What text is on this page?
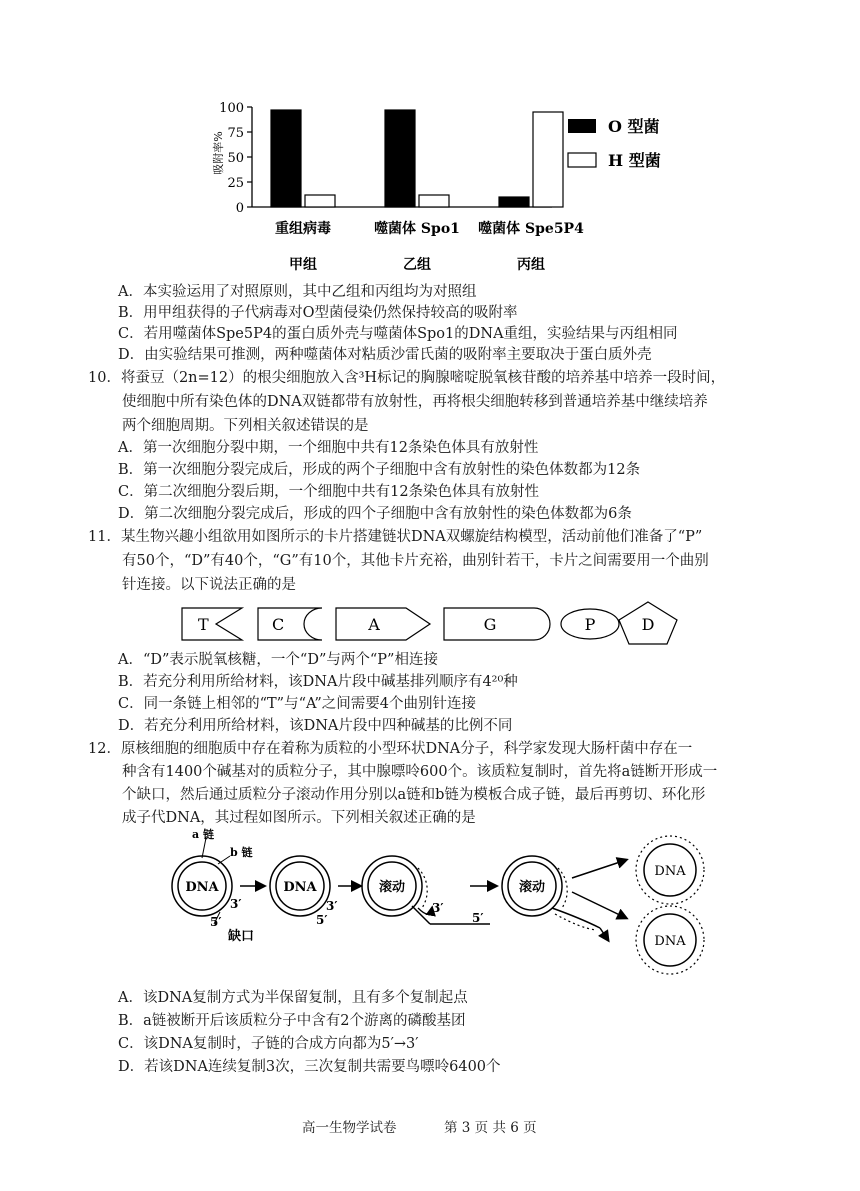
吸附率%
100
75
50
25
0
重组病毒	噬菌体 Spo1 噬菌体 Spe5P4
甲组	乙组	丙组
O 型菌
H 型菌
A．本实验运用了对照原则，其中乙组和丙组均为对照组
B．用甲组获得的子代病毒对O型菌侵染仍然保持较高的吸附率
C．若用噬菌体Spe5P4的蛋白质外壳与噬菌体Spo1的DNA重组，实验结果与丙组相同
D．由实验结果可推测，两种噬菌体对粘质沙雷氏菌的吸附率主要取决于蛋白质外壳
10．将蚕豆（2n=12）的根尖细胞放入含³H标记的胸腺嘧啶脱氧核苷酸的培养基中培养一段时间，
使细胞中所有染色体的DNA双链都带有放射性，再将根尖细胞转移到普通培养基中继续培养
两个细胞周期。下列相关叙述错误的是
A．第一次细胞分裂中期，一个细胞中共有12条染色体具有放射性
B．第一次细胞分裂完成后，形成的两个子细胞中含有放射性的染色体数都为12条
C．第二次细胞分裂后期，一个细胞中共有12条染色体具有放射性
D．第二次细胞分裂完成后，形成的四个子细胞中含有放射性的染色体数都为6条
11．某生物兴趣小组欲用如图所示的卡片搭建链状DNA双螺旋结构模型，活动前他们准备了“P”
有50个，“D”有40个，“G”有10个，其他卡片充裕，曲别针若干，卡片之间需要用一个曲别
针连接。以下说法正确的是
T	C	A	G	P	D
A．“D”表示脱氧核糖，一个“D”与两个“P”相连接
B．若充分利用所给材料，该DNA片段中碱基排列顺序有4²⁰种
C．同一条链上相邻的“T”与“A”之间需要4个曲别针连接
D．若充分利用所给材料，该DNA片段中四种碱基的比例不同
12．原核细胞的细胞质中存在着称为质粒的小型环状DNA分子，科学家发现大肠杆菌中存在一
种含有1400个碱基对的质粒分子，其中腺嘌呤600个。该质粒复制时，首先将a链断开形成一
个缺口，然后通过质粒分子滚动作用分别以a链和b链为模板合成子链，最后再剪切、环化形
成子代DNA，其过程如图所示。下列相关叙述正确的是
DNA
a 链
b 链
3′
5′
缺口
DNA
3′
5′
滚动
3′
5′
滚动
DNA
DNA
A．该DNA复制方式为半保留复制，且有多个复制起点
B．a链被断开后该质粒分子中含有2个游离的磷酸基团
C．该DNA复制时，子链的合成方向都为5′→3′
D．若该DNA连续复制3次，三次复制共需要鸟嘌呤6400个
高一生物学试卷	第 3 页 共 6 页
